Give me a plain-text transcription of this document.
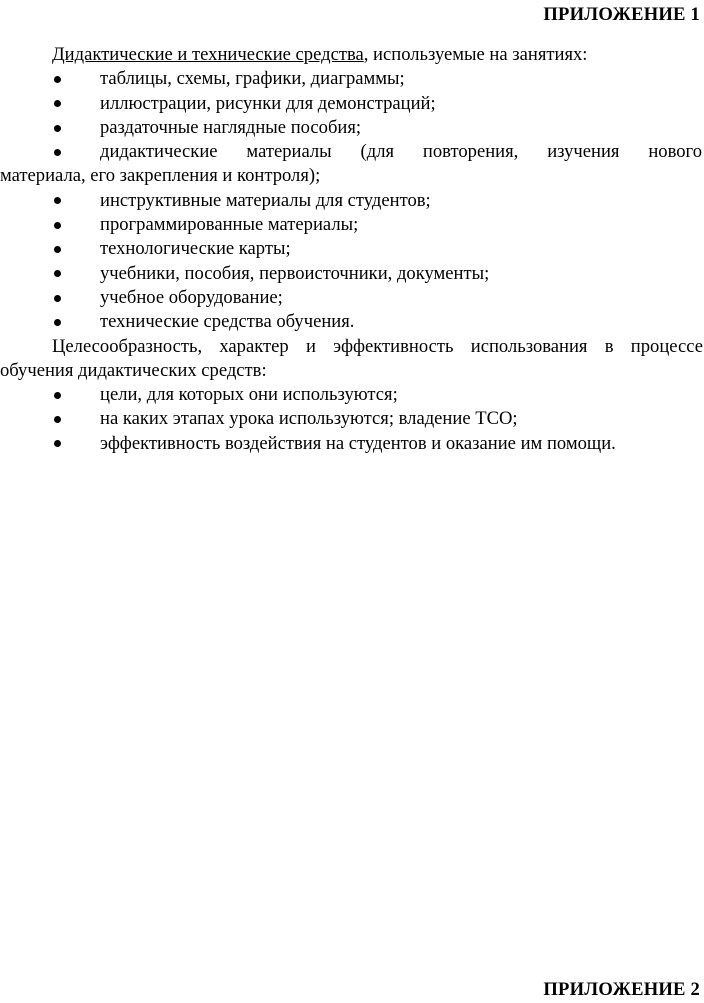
ПРИЛОЖЕНИЕ 1
Дидактические и технические средства, используемые на занятиях:
таблицы, схемы, графики, диаграммы;
иллюстрации, рисунки для демонстраций;
раздаточные наглядные пособия;
дидактические материалы (для повторения, изучения нового
материала, его закрепления и контроля);
инструктивные материалы для студентов;
программированные материалы;
технологические карты;
учебники, пособия, первоисточники, документы;
учебное оборудование;
технические средства обучения.
Целесообразность, характер и эффективность использования в процессе
обучения дидактических средств:
цели, для которых они используются;
на каких этапах урока используются; владение ТСО;
эффективность воздействия на студентов и оказание им помощи.
ПРИЛОЖЕНИЕ 2
